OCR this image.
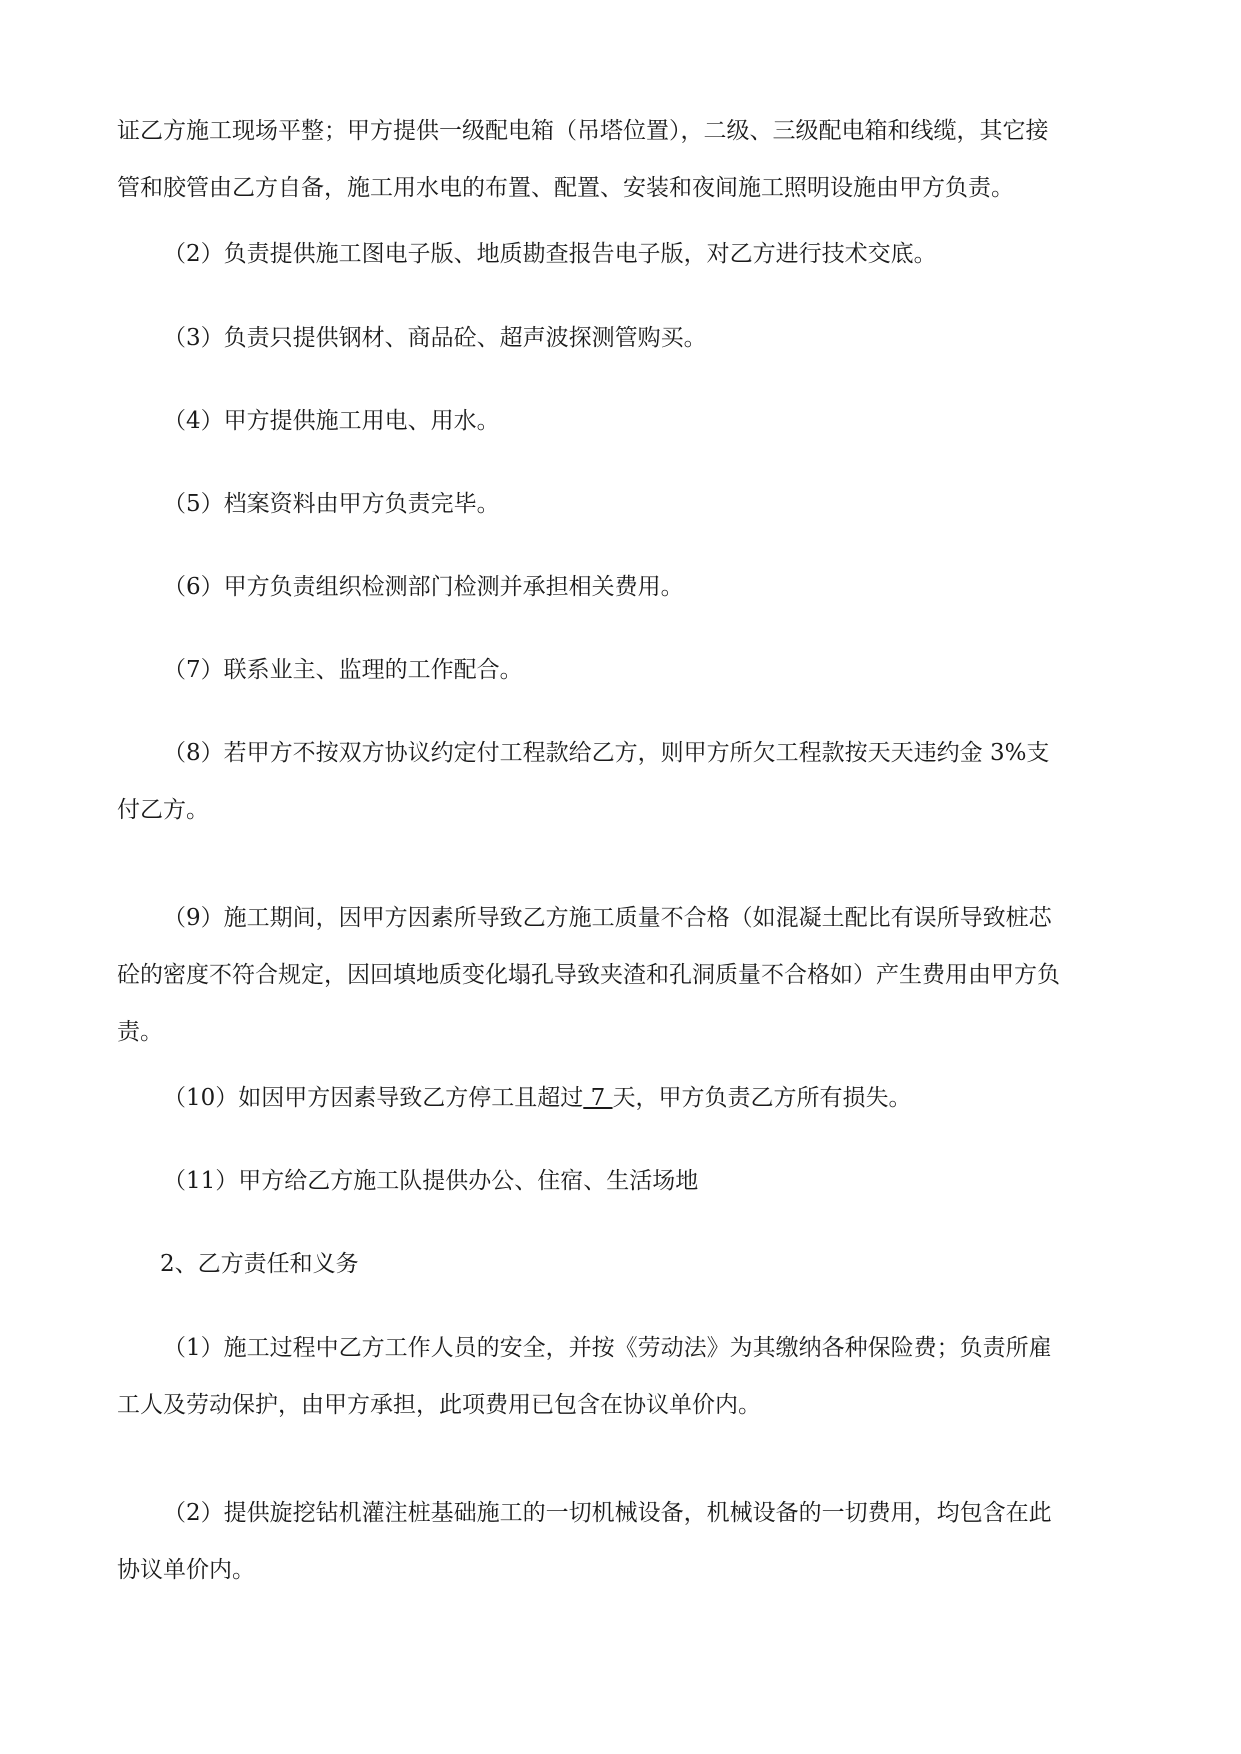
证乙方施工现场平整；甲方提供一级配电箱（吊塔位置），二级、三级配电箱和线缆，其它接
管和胶管由乙方自备，施工用水电的布置、配置、安装和夜间施工照明设施由甲方负责。

（2）负责提供施工图电子版、地质勘查报告电子版，对乙方进行技术交底。

（3）负责只提供钢材、商品砼、超声波探测管购买。

（4）甲方提供施工用电、用水。

（5）档案资料由甲方负责完毕。

（6）甲方负责组织检测部门检测并承担相关费用。

（7）联系业主、监理的工作配合。

（8）若甲方不按双方协议约定付工程款给乙方，则甲方所欠工程款按天天违约金 3%支
付乙方。

（9）施工期间，因甲方因素所导致乙方施工质量不合格（如混凝土配比有误所导致桩芯
砼的密度不符合规定，因回填地质变化塌孔导致夹渣和孔洞质量不合格如）产生费用由甲方负
责。

（10）如因甲方因素导致乙方停工且超过 7 天，甲方负责乙方所有损失。

（11）甲方给乙方施工队提供办公、住宿、生活场地

2、乙方责任和义务

（1）施工过程中乙方工作人员的安全，并按《劳动法》为其缴纳各种保险费；负责所雇
工人及劳动保护，由甲方承担，此项费用已包含在协议单价内。

（2）提供旋挖钻机灌注桩基础施工的一切机械设备，机械设备的一切费用，均包含在此
协议单价内。
